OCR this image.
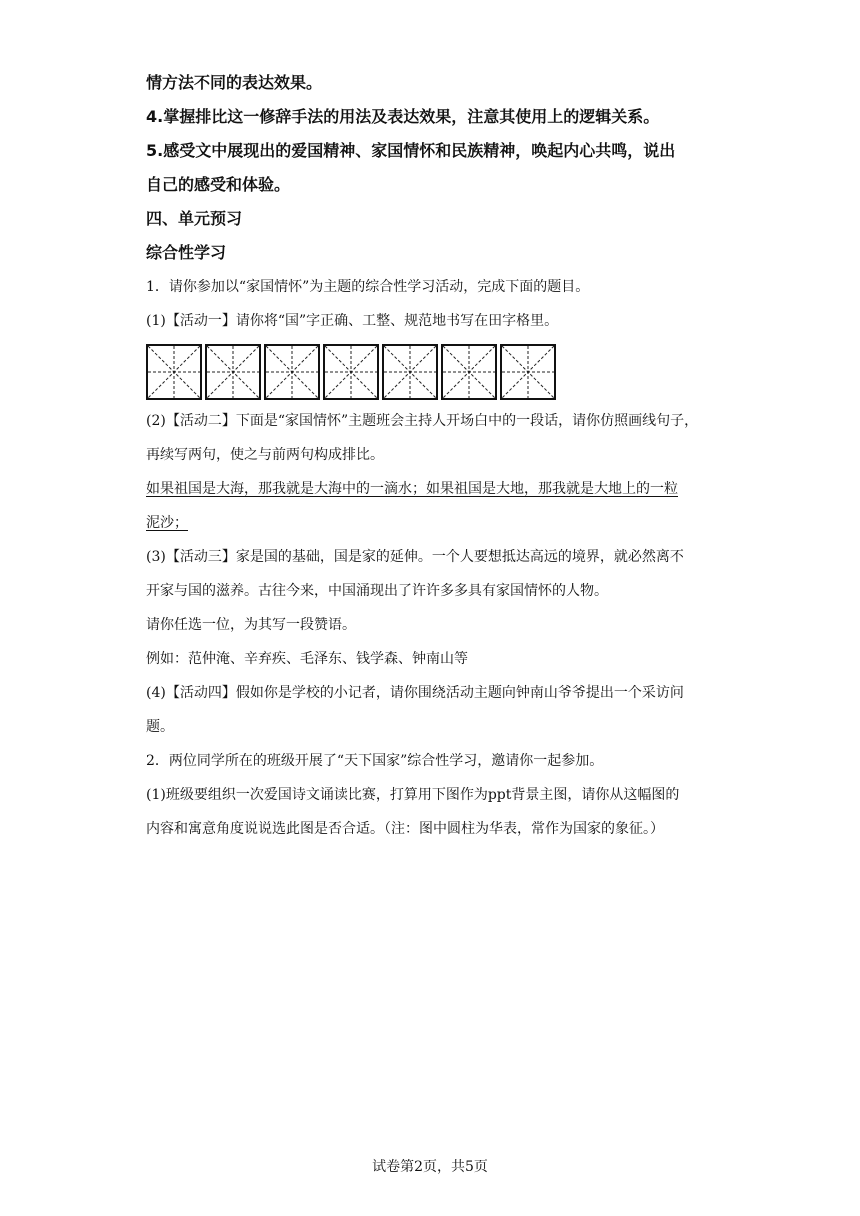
情方法不同的表达效果。
4.掌握排比这一修辞手法的用法及表达效果，注意其使用上的逻辑关系。
5.感受文中展现出的爱国精神、家国情怀和民族精神，唤起内心共鸣，说出
自己的感受和体验。
四、单元预习
综合性学习
1．请你参加以“家国情怀”为主题的综合性学习活动，完成下面的题目。
(1)【活动一】请你将“国”字正确、工整、规范地书写在田字格里。
(2)【活动二】下面是“家国情怀”主题班会主持人开场白中的一段话，请你仿照画线句子，
再续写两句，使之与前两句构成排比。
如果祖国是大海，那我就是大海中的一滴水；如果祖国是大地，那我就是大地上的一粒
泥沙；
(3)【活动三】家是国的基础，国是家的延伸。一个人要想抵达高远的境界，就必然离不
开家与国的滋养。古往今来，中国涌现出了许许多多具有家国情怀的人物。
请你任选一位，为其写一段赞语。
例如：范仲淹、辛弃疾、毛泽东、钱学森、钟南山等
(4)【活动四】假如你是学校的小记者，请你围绕活动主题向钟南山爷爷提出一个采访问
题。
2．两位同学所在的班级开展了“天下国家”综合性学习，邀请你一起参加。
(1)班级要组织一次爱国诗文诵读比赛，打算用下图作为ppt背景主图，请你从这幅图的
内容和寓意角度说说选此图是否合适。（注：图中圆柱为华表，常作为国家的象征。）
试卷第2页，共5页
